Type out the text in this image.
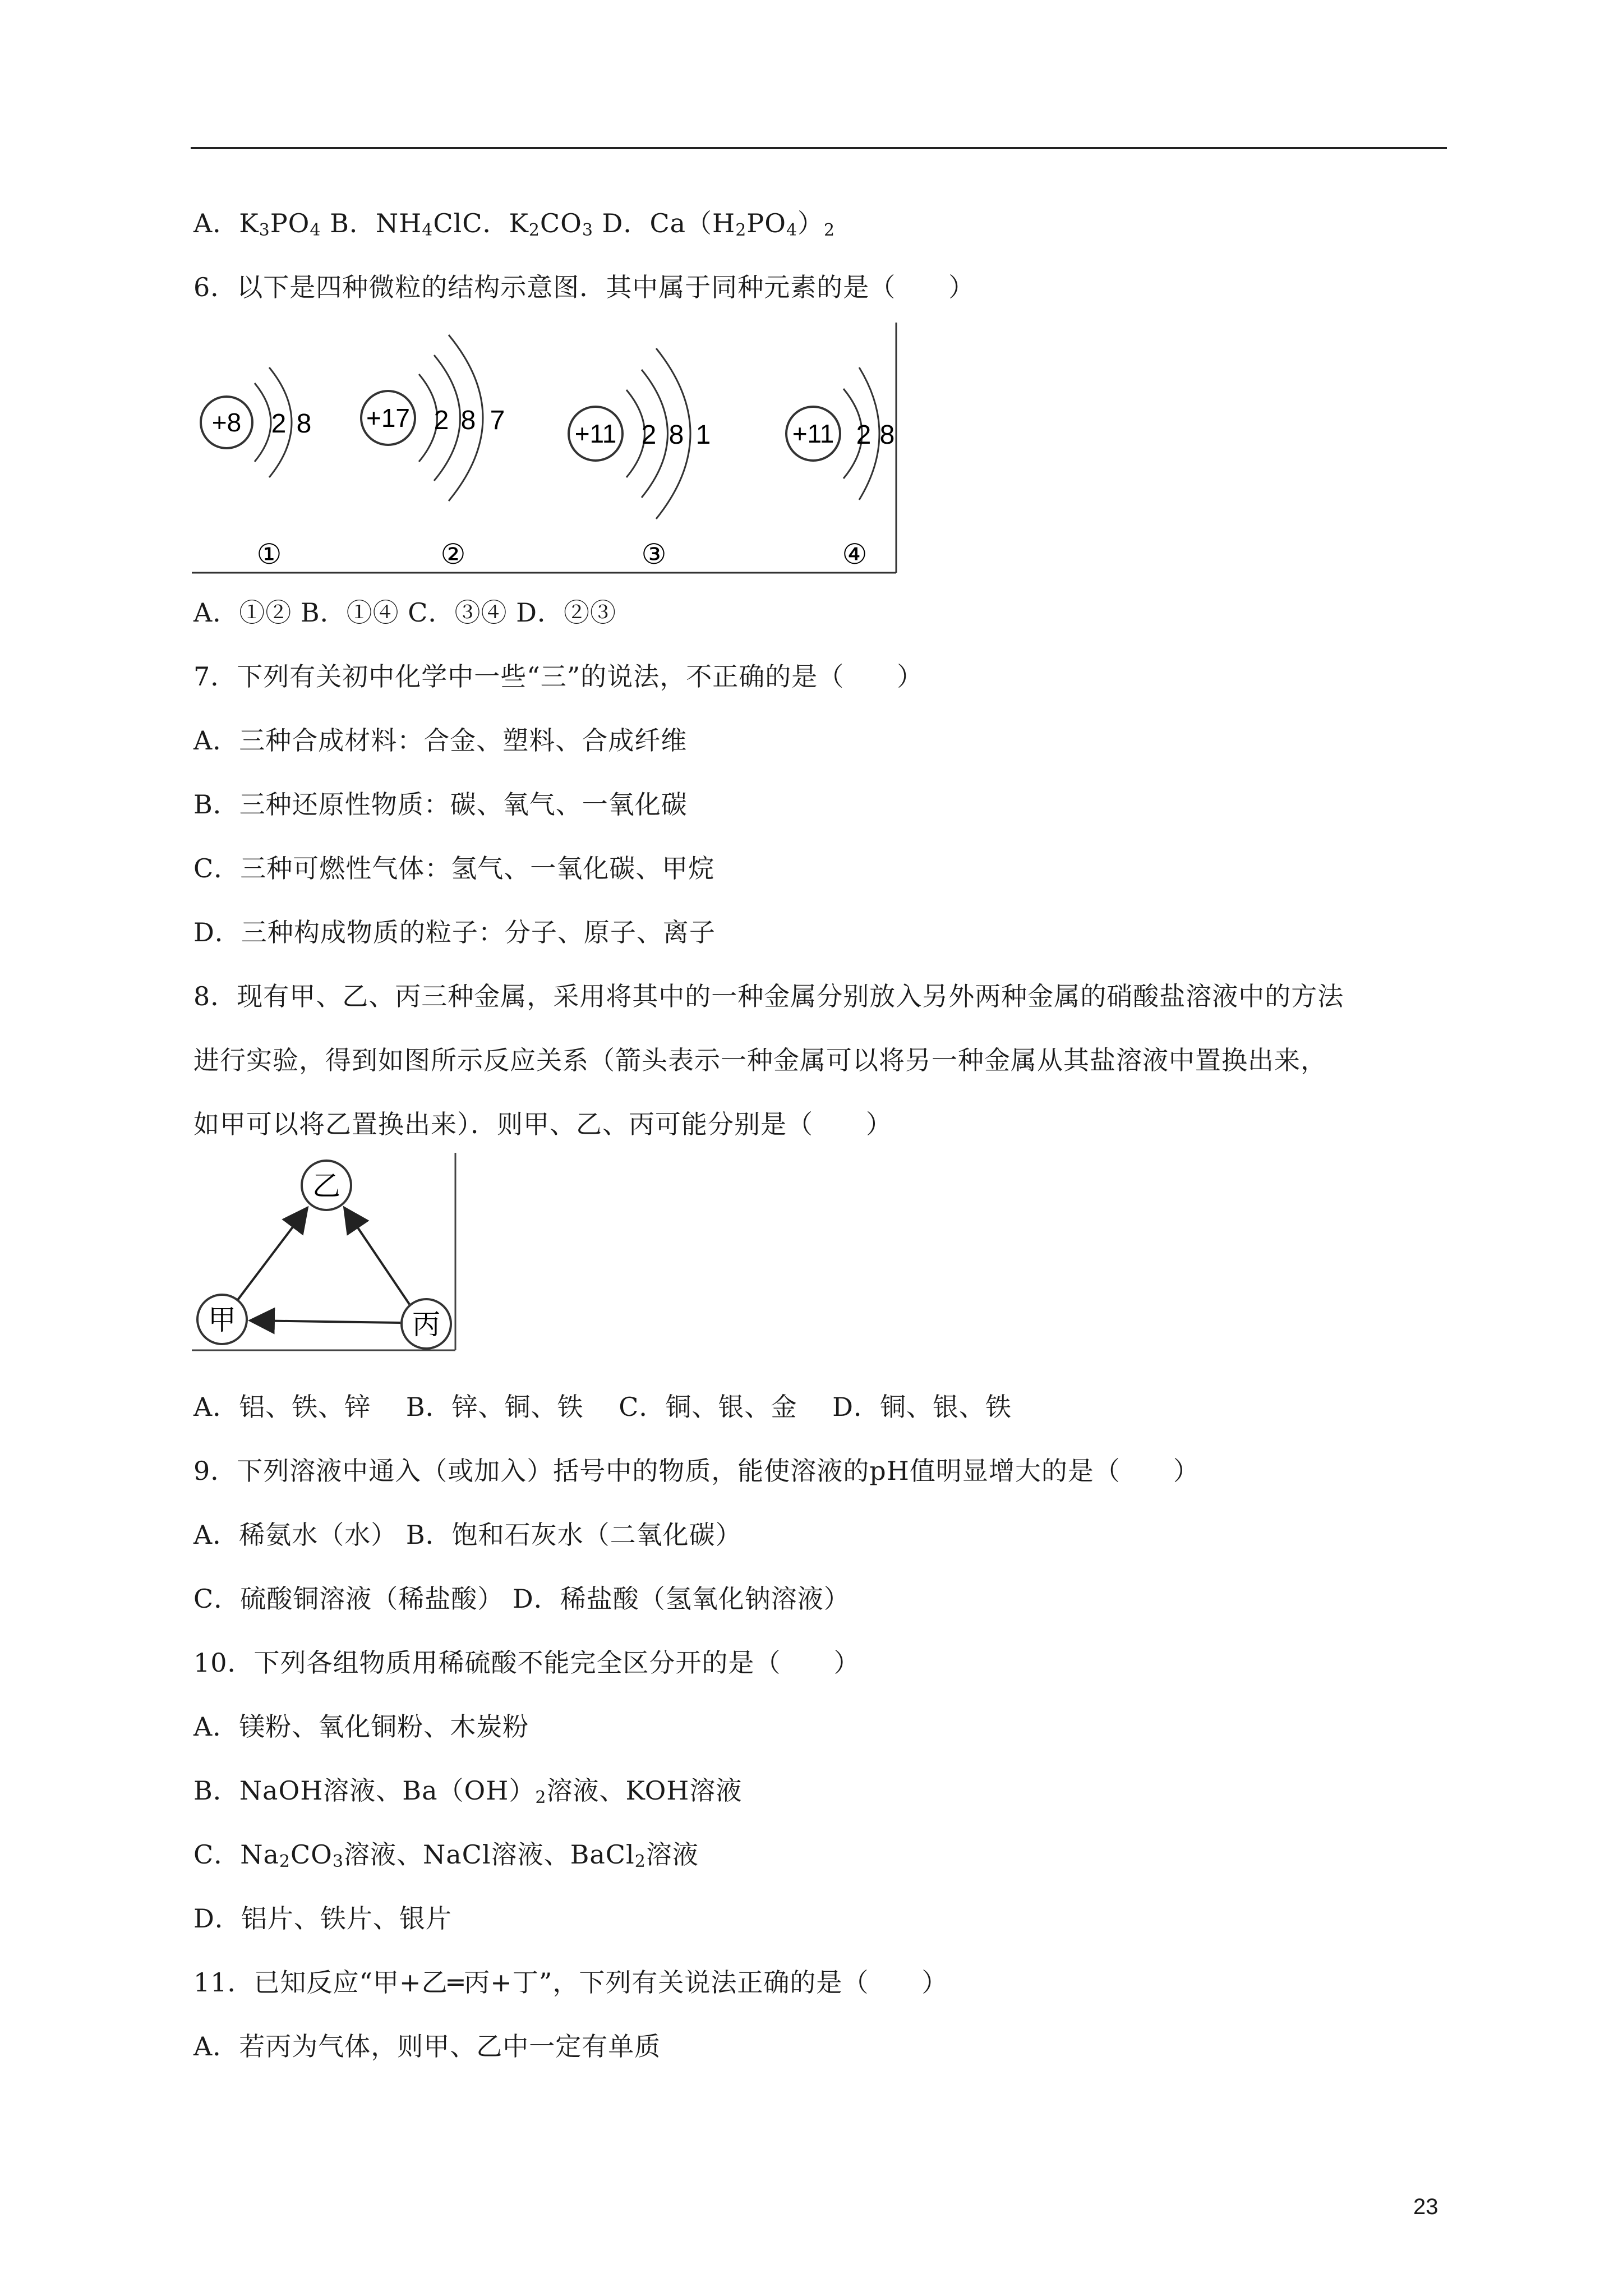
A．$K_3PO_4$ B．$NH_4ClC$．$K_2CO_3$ D．$Ca(H_2PO_4)_2$
6．以下是四种微粒的结构示意图．其中属于同种元素的是（　　）
+8 2 8
①
+17 2 8 7
②
+11 2 8 1
③
+11 2 8
④
A．①② B．①④ C．③④ D．②③
7．下列有关初中化学中一些“三”的说法，不正确的是（　　）
A．三种合成材料：合金、塑料、合成纤维
B．三种还原性物质：碳、氧气、一氧化碳
C．三种可燃性气体：氢气、一氧化碳、甲烷
D．三种构成物质的粒子：分子、原子、离子
8．现有甲、乙、丙三种金属，采用将其中的一种金属分别放入另外两种金属的硝酸盐溶液中的方法
进行实验，得到如图所示反应关系（箭头表示一种金属可以将另一种金属从其盐溶液中置换出来，
如甲可以将乙置换出来）．则甲、乙、丙可能分别是（　　）
乙
甲	丙
A．铝、铁、锌　 B．锌、铜、铁　 C．铜、银、金　 D．铜、银、铁
9．下列溶液中通入（或加入）括号中的物质，能使溶液的pH值明显增大的是（　　）
A．稀氨水（水） B．饱和石灰水（二氧化碳）
C．硫酸铜溶液（稀盐酸） D．稀盐酸（氢氧化钠溶液）
10．下列各组物质用稀硫酸不能完全区分开的是（　　）
A．镁粉、氧化铜粉、木炭粉
B．NaOH溶液、$Ba(OH)_2$溶液、KOH溶液
C．$Na_2CO_3$溶液、NaCl溶液、BaCl$_2$溶液
D．铝片、铁片、银片
11．已知反应“甲+乙═丙+丁”，下列有关说法正确的是（　　）
A．若丙为气体，则甲、乙中一定有单质
23
